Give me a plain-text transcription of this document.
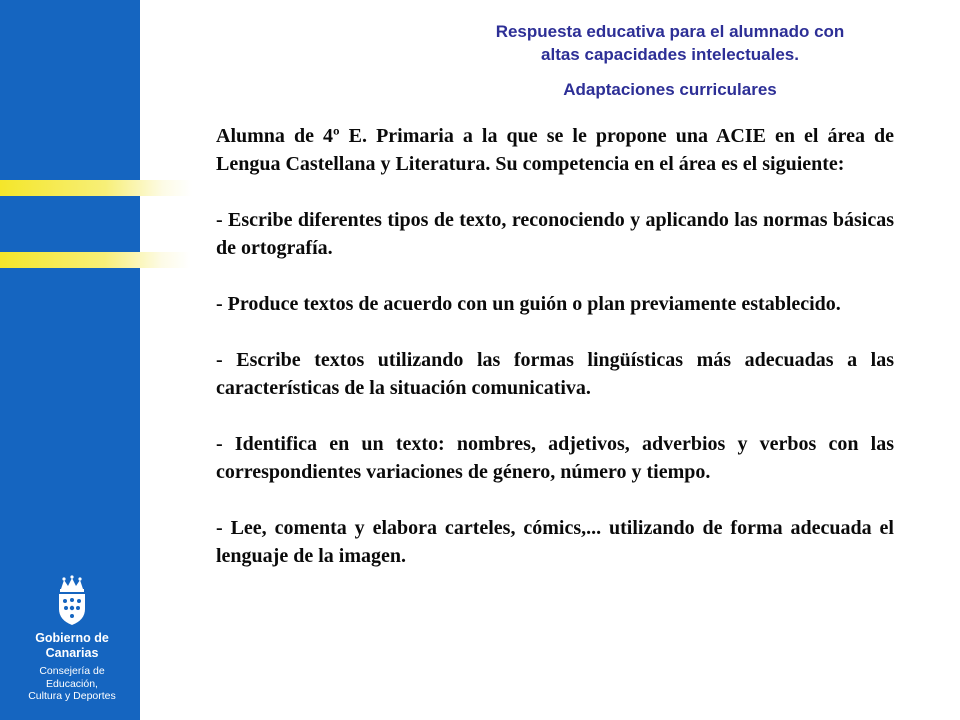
Respuesta educativa para el alumnado con
altas capacidades intelectuales.
Adaptaciones curriculares

Alumna de 4º E. Primaria a la que se le propone una ACIE en el área de Lengua Castellana y Literatura. Su competencia en el área es el siguiente:

- Escribe diferentes tipos de texto, reconociendo y aplicando las normas básicas de ortografía.

- Produce textos de acuerdo con un guión o plan previamente establecido.

- Escribe textos utilizando las formas lingüísticas más adecuadas a las características de la situación comunicativa.

- Identifica en un texto: nombres, adjetivos, adverbios y verbos con las correspondientes variaciones de género, número y tiempo.

- Lee, comenta y elabora carteles, cómics,... utilizando de forma adecuada el lenguaje de la imagen.

Gobierno de Canarias
Consejería de Educación,
Cultura y Deportes
